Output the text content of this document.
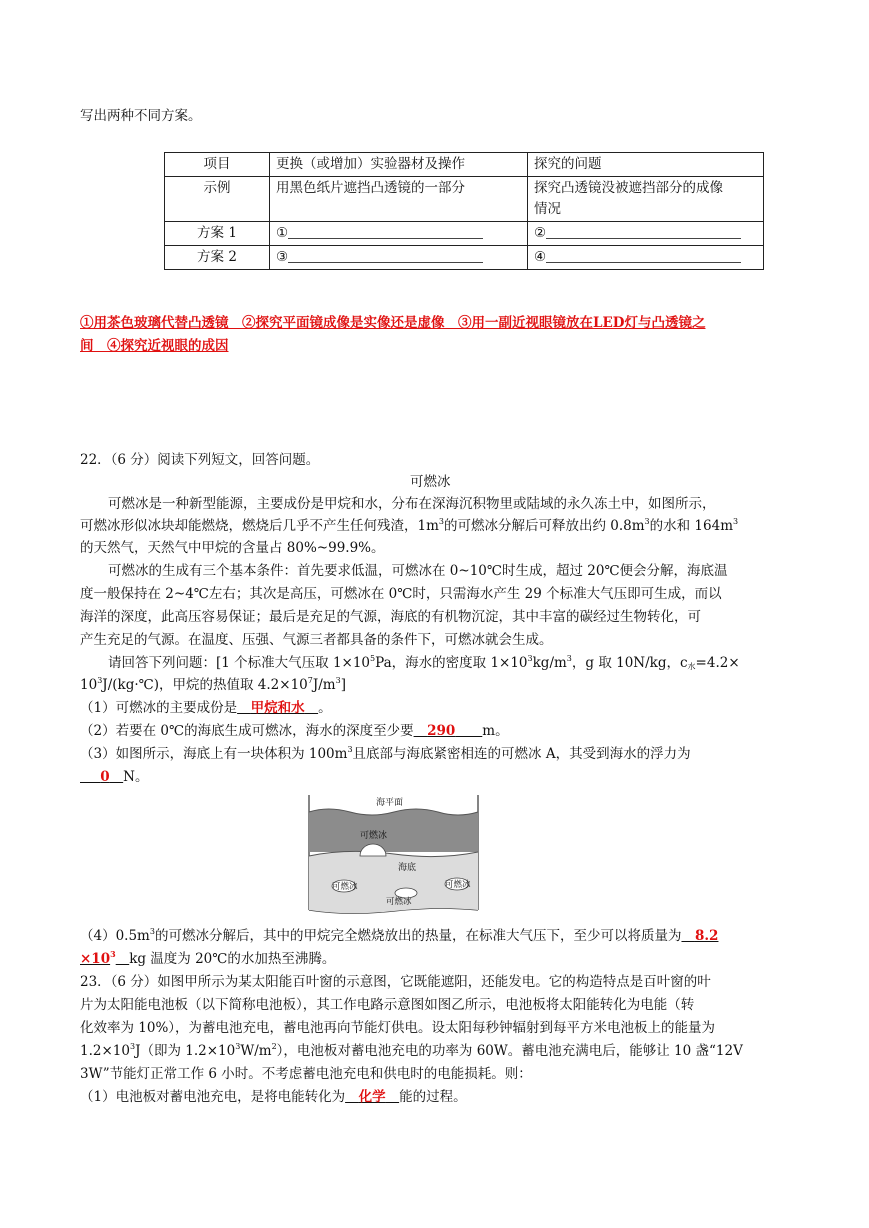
写出两种不同方案。
项目	更换（或增加）实验器材及操作	探究的问题
示例	用黑色纸片遮挡凸透镜的一部分	探究凸透镜没被遮挡部分的成像
情况
方案 1	①	②
方案 2	③	④
①用茶色玻璃代替凸透镜　②探究平面镜成像是实像还是虚像　③用一副近视眼镜放在LED灯与凸透镜之
间　④探究近视眼的成因
22．（6 分）阅读下列短文，回答问题。
可燃冰
可燃冰是一种新型能源，主要成份是甲烷和水，分布在深海沉积物里或陆域的永久冻土中，如图所示，
可燃冰形似冰块却能燃烧，燃烧后几乎不产生任何残渣，$1m^3$的可燃冰分解后可释放出约 $0.8m^3$的水和 $164m^3$
的天然气，天然气中甲烷的含量占 80%~99.9%。
可燃冰的生成有三个基本条件：首先要求低温，可燃冰在 0~10℃时生成，超过 20℃便会分解，海底温
度一般保持在 2~4℃左右；其次是高压，可燃冰在 0℃时，只需海水产生 29 个标准大气压即可生成，而以
海洋的深度，此高压容易保证；最后是充足的气源，海底的有机物沉淀，其中丰富的碳经过生物转化，可
产生充足的气源。在温度、压强、气源三者都具备的条件下，可燃冰就会生成。
请回答下列问题：[1 个标准大气压取 $1\times 10^5Pa$，海水的密度取 $1\times 10^3kg/m^3$，g 取 10N/kg，$c_水=4.2\times$
$10^3J/(kg\cdot℃)$，甲烷的热值取 $4.2\times 10^7J/m^3$]
（1）可燃冰的主要成份是  甲烷和水  。
（2）若要在 0℃的海底生成可燃冰，海水的深度至少要  290   m。
（3）如图所示，海底上有一块体积为 $100m^3$且底部与海底紧密相连的可燃冰 A，其受到海水的浮力为
  0  N。
海平面
可燃冰
海底
可燃冰
可燃冰
可燃冰
$(4)0.5m^3$的可燃冰分解后，其中的甲烷完全燃烧放出的热量，在标准大气压下，至少可以将质量为  8.2
$\times 10^3$  kg 温度为 20℃的水加热至沸腾。
23．（6 分）如图甲所示为某太阳能百叶窗的示意图，它既能遮阳，还能发电。它的构造特点是百叶窗的叶
片为太阳能电池板（以下简称电池板），其工作电路示意图如图乙所示，电池板将太阳能转化为电能（转
化效率为 10%），为蓄电池充电，蓄电池再向节能灯供电。设太阳每秒钟辐射到每平方米电池板上的能量为
$1.2\times 10^3J$（即为 $1.2\times 10^3W/m^2$），电池板对蓄电池充电的功率为 60W。蓄电池充满电后，能够让 10 盏“12V
3W”节能灯正常工作 6 小时。不考虑蓄电池充电和供电时的电能损耗。则：
（1）电池板对蓄电池充电，是将电能转化为  化学  能的过程。
